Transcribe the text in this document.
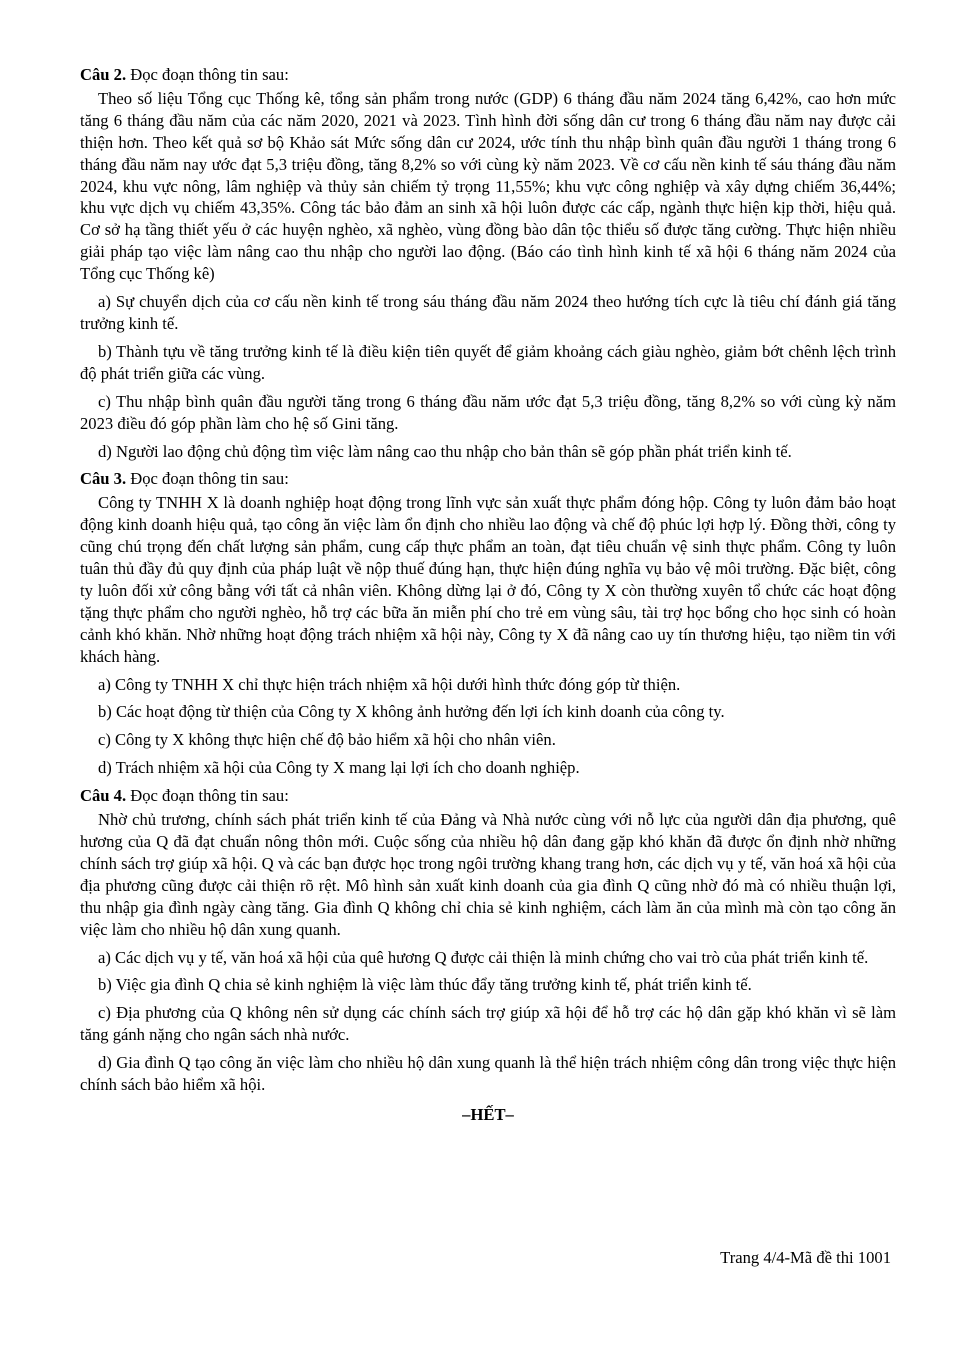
Câu 2. Đọc đoạn thông tin sau:

Theo số liệu Tổng cục Thống kê, tổng sản phẩm trong nước (GDP) 6 tháng đầu năm 2024 tăng 6,42%, cao hơn mức tăng 6 tháng đầu năm của các năm 2020, 2021 và 2023. Tình hình đời sống dân cư trong 6 tháng đầu năm nay được cải thiện hơn. Theo kết quả sơ bộ Khảo sát Mức sống dân cư 2024, ước tính thu nhập bình quân đầu người 1 tháng trong 6 tháng đầu năm nay ước đạt 5,3 triệu đồng, tăng 8,2% so với cùng kỳ năm 2023. Về cơ cấu nền kinh tế sáu tháng đầu năm 2024, khu vực nông, lâm nghiệp và thủy sản chiếm tỷ trọng 11,55%; khu vực công nghiệp và xây dựng chiếm 36,44%; khu vực dịch vụ chiếm 43,35%. Công tác bảo đảm an sinh xã hội luôn được các cấp, ngành thực hiện kịp thời, hiệu quả. Cơ sở hạ tầng thiết yếu ở các huyện nghèo, xã nghèo, vùng đồng bào dân tộc thiểu số được tăng cường. Thực hiện nhiều giải pháp tạo việc làm nâng cao thu nhập cho người lao động. (Báo cáo tình hình kinh tế xã hội 6 tháng năm 2024 của Tổng cục Thống kê)

a) Sự chuyển dịch của cơ cấu nền kinh tế trong sáu tháng đầu năm 2024 theo hướng tích cực là tiêu chí đánh giá tăng trưởng kinh tế.

b) Thành tựu về tăng trưởng kinh tế là điều kiện tiên quyết để giảm khoảng cách giàu nghèo, giảm bớt chênh lệch trình độ phát triển giữa các vùng.

c) Thu nhập bình quân đầu người tăng trong 6 tháng đầu năm ước đạt 5,3 triệu đồng, tăng 8,2% so với cùng kỳ năm 2023 điều đó góp phần làm cho hệ số Gini tăng.

d) Người lao động chủ động tìm việc làm nâng cao thu nhập cho bản thân sẽ góp phần phát triển kinh tế.

Câu 3. Đọc đoạn thông tin sau:

Công ty TNHH X là doanh nghiệp hoạt động trong lĩnh vực sản xuất thực phẩm đóng hộp. Công ty luôn đảm bảo hoạt động kinh doanh hiệu quả, tạo công ăn việc làm ổn định cho nhiều lao động và chế độ phúc lợi hợp lý. Đồng thời, công ty cũng chú trọng đến chất lượng sản phẩm, cung cấp thực phẩm an toàn, đạt tiêu chuẩn vệ sinh thực phẩm. Công ty luôn tuân thủ đầy đủ quy định của pháp luật về nộp thuế đúng hạn, thực hiện đúng nghĩa vụ bảo vệ môi trường. Đặc biệt, công ty luôn đối xử công bằng với tất cả nhân viên. Không dừng lại ở đó, Công ty X còn thường xuyên tổ chức các hoạt động tặng thực phẩm cho người nghèo, hỗ trợ các bữa ăn miễn phí cho trẻ em vùng sâu, tài trợ học bổng cho học sinh có hoàn cảnh khó khăn. Nhờ những hoạt động trách nhiệm xã hội này, Công ty X đã nâng cao uy tín thương hiệu, tạo niềm tin với khách hàng.

a) Công ty TNHH X chỉ thực hiện trách nhiệm xã hội dưới hình thức đóng góp từ thiện.

b) Các hoạt động từ thiện của Công ty X không ảnh hưởng đến lợi ích kinh doanh của công ty.

c) Công ty X không thực hiện chế độ bảo hiểm xã hội cho nhân viên.

d) Trách nhiệm xã hội của Công ty X mang lại lợi ích cho doanh nghiệp.

Câu 4. Đọc đoạn thông tin sau:

Nhờ chủ trương, chính sách phát triển kinh tế của Đảng và Nhà nước cùng với nỗ lực của người dân địa phương, quê hương của Q đã đạt chuẩn nông thôn mới. Cuộc sống của nhiều hộ dân đang gặp khó khăn đã được ổn định nhờ những chính sách trợ giúp xã hội. Q và các bạn được học trong ngôi trường khang trang hơn, các dịch vụ y tế, văn hoá xã hội của địa phương cũng được cải thiện rõ rệt. Mô hình sản xuất kinh doanh của gia đình Q cũng nhờ đó mà có nhiều thuận lợi, thu nhập gia đình ngày càng tăng. Gia đình Q không chỉ chia sẻ kinh nghiệm, cách làm ăn của mình mà còn tạo công ăn việc làm cho nhiều hộ dân xung quanh.

a) Các dịch vụ y tế, văn hoá xã hội của quê hương Q được cải thiện là minh chứng cho vai trò của phát triển kinh tế.

b) Việc gia đình Q chia sẻ kinh nghiệm là việc làm thúc đẩy tăng trưởng kinh tế, phát triển kinh tế.

c) Địa phương của Q không nên sử dụng các chính sách trợ giúp xã hội để hỗ trợ các hộ dân gặp khó khăn vì sẽ làm tăng gánh nặng cho ngân sách nhà nước.

d) Gia đình Q tạo công ăn việc làm cho nhiều hộ dân xung quanh là thể hiện trách nhiệm công dân trong việc thực hiện chính sách bảo hiểm xã hội.

–HẾT–

Trang 4/4-Mã đề thi 1001
